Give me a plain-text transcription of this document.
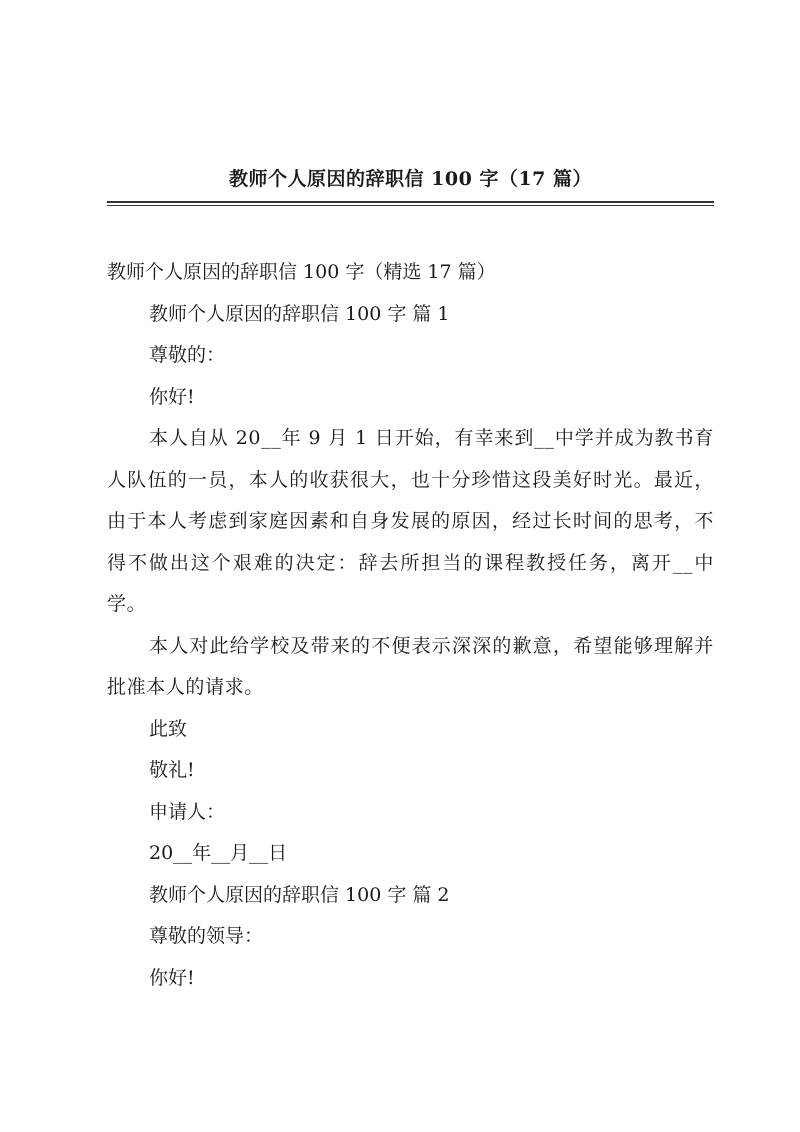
教师个人原因的辞职信 100 字（17 篇）

教师个人原因的辞职信 100 字（精选 17 篇）

教师个人原因的辞职信 100 字 篇 1

尊敬的：

你好!

本人自从 20__年 9 月 1 日开始，有幸来到__中学并成为教书育人队伍的一员，本人的收获很大，也十分珍惜这段美好时光。最近，由于本人考虑到家庭因素和自身发展的原因，经过长时间的思考，不得不做出这个艰难的决定：辞去所担当的课程教授任务，离开__中学。

本人对此给学校及带来的不便表示深深的歉意，希望能够理解并批准本人的请求。

此致

敬礼!

申请人：

20__年__月__日

教师个人原因的辞职信 100 字 篇 2

尊敬的领导：

你好!
